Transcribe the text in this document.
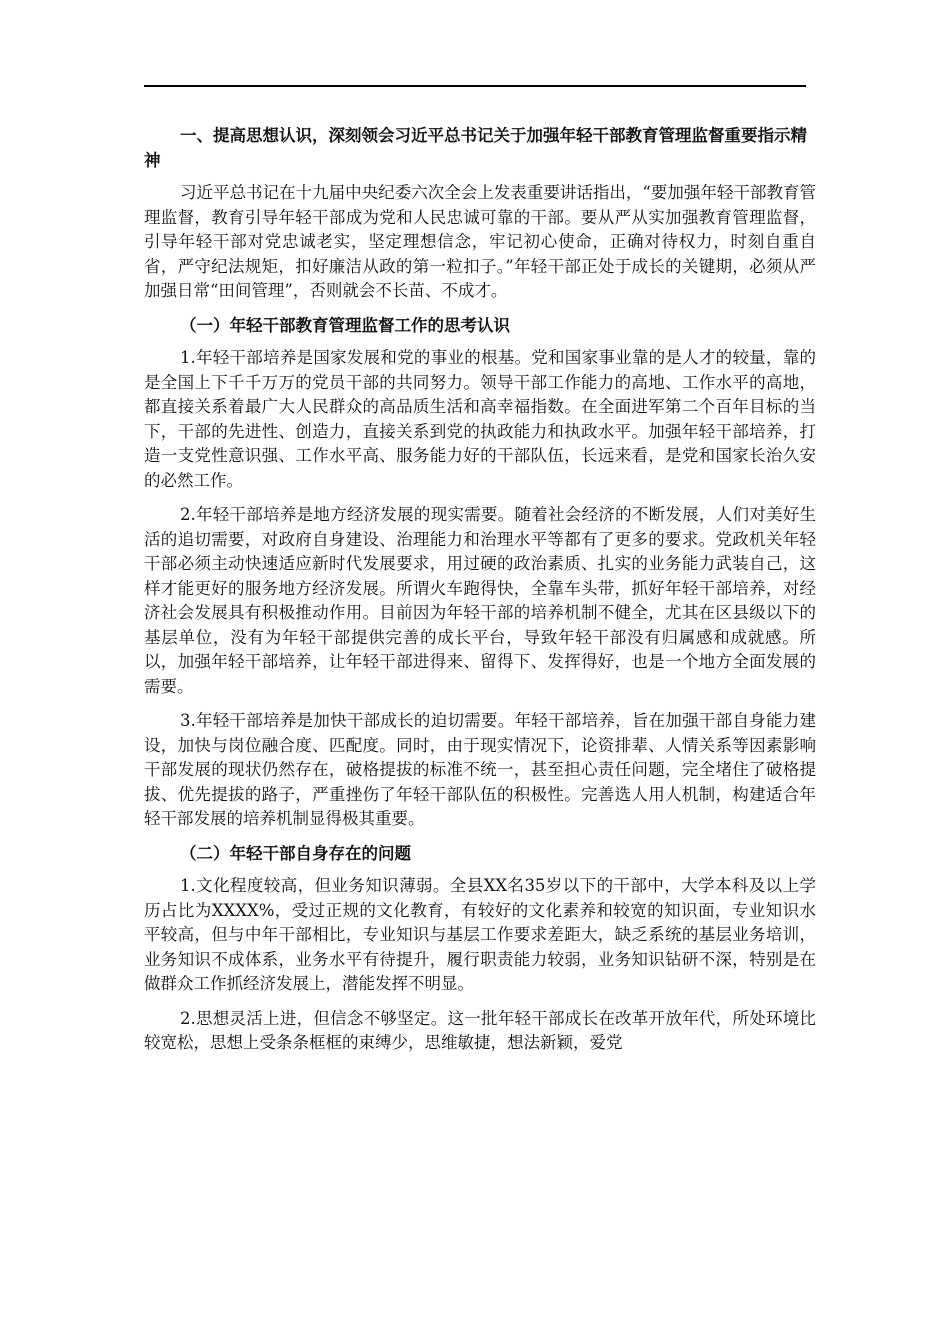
一、提高思想认识，深刻领会习近平总书记关于加强年轻干部教育管理监督重要指示精神
习近平总书记在十九届中央纪委六次全会上发表重要讲话指出，“要加强年轻干部教育管理监督，教育引导年轻干部成为党和人民忠诚可靠的干部。要从严从实加强教育管理监督，引导年轻干部对党忠诚老实，坚定理想信念，牢记初心使命，正确对待权力，时刻自重自省，严守纪法规矩，扣好廉洁从政的第一粒扣子。”年轻干部正处于成长的关键期，必须从严加强日常“田间管理”，否则就会不长苗、不成才。
（一）年轻干部教育管理监督工作的思考认识
1.年轻干部培养是国家发展和党的事业的根基。党和国家事业靠的是人才的较量，靠的是全国上下千千万万的党员干部的共同努力。领导干部工作能力的高地、工作水平的高地，都直接关系着最广大人民群众的高品质生活和高幸福指数。在全面进军第二个百年目标的当下，干部的先进性、创造力，直接关系到党的执政能力和执政水平。加强年轻干部培养，打造一支党性意识强、工作水平高、服务能力好的干部队伍，长远来看，是党和国家长治久安的必然工作。
2.年轻干部培养是地方经济发展的现实需要。随着社会经济的不断发展，人们对美好生活的追切需要，对政府自身建设、治理能力和治理水平等都有了更多的要求。党政机关年轻干部必须主动快速适应新时代发展要求，用过硬的政治素质、扎实的业务能力武装自己，这样才能更好的服务地方经济发展。所谓火车跑得快，全靠车头带，抓好年轻干部培养，对经济社会发展具有积极推动作用。目前因为年轻干部的培养机制不健全，尤其在区县级以下的基层单位，没有为年轻干部提供完善的成长平台，导致年轻干部没有归属感和成就感。所以，加强年轻干部培养，让年轻干部进得来、留得下、发挥得好，也是一个地方全面发展的需要。
3.年轻干部培养是加快干部成长的迫切需要。年轻干部培养，旨在加强干部自身能力建设，加快与岗位融合度、匹配度。同时，由于现实情况下，论资排辈、人情关系等因素影响干部发展的现状仍然存在，破格提拔的标准不统一，甚至担心责任问题，完全堵住了破格提拔、优先提拔的路子，严重挫伤了年轻干部队伍的积极性。完善选人用人机制，构建适合年轻干部发展的培养机制显得极其重要。
（二）年轻干部自身存在的问题
1.文化程度较高，但业务知识薄弱。全县XX名35岁以下的干部中，大学本科及以上学历占比为XXXX%，受过正规的文化教育，有较好的文化素养和较宽的知识面，专业知识水平较高，但与中年干部相比，专业知识与基层工作要求差距大，缺乏系统的基层业务培训，业务知识不成体系，业务水平有待提升，履行职责能力较弱，业务知识钻研不深，特别是在做群众工作抓经济发展上，潜能发挥不明显。
2.思想灵活上进，但信念不够坚定。这一批年轻干部成长在改革开放年代，所处环境比较宽松，思想上受条条框框的束缚少，思维敏捷，想法新颖，爱党
